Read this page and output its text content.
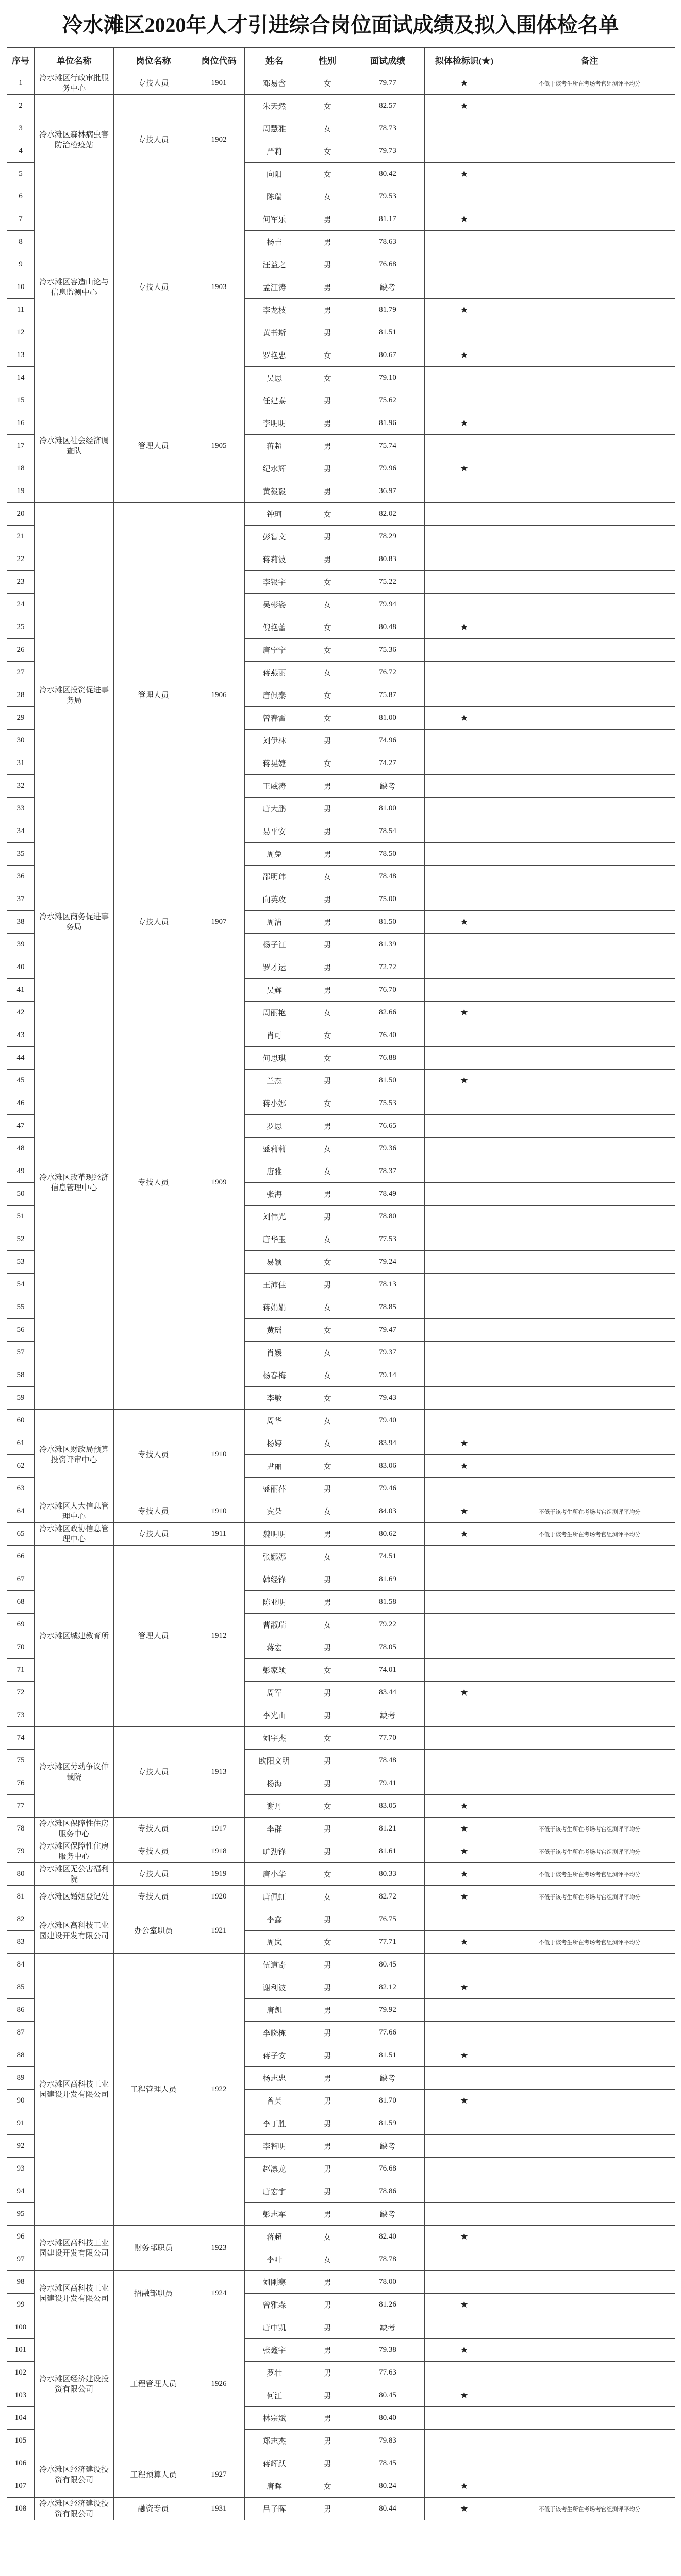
冷水滩区2020年人才引进综合岗位面试成绩及拟入围体检名单
序号	单位名称	岗位名称	岗位代码	姓名	性别	面试成绩	拟体检标识(★)	备注
1	冷水滩区行政审批服务中心	专技人员	1901	邓易含	女	79.77	★	不低于该考生所在考场考官组测评平均分
2	冷水滩区森林病虫害防治检疫站	专技人员	1902	朱天然	女	82.57	★	
3				周慧雅	女	78.73		
4				严莉	女	79.73		
5				向阳	女	80.42	★	
6	冷水滩区容造山论与信息监测中心	专技人员	1903	陈瑞	女	79.53		
7				何军乐	男	81.17	★	
8				杨吉	男	78.63		
9				汪益之	男	76.68		
10				孟江涛	男	缺考		
11				李龙枝	男	81.79	★	
12				黄书斯	男	81.51		
13				罗艳忠	女	80.67	★	
14				吴思	女	79.10		
15	冷水滩区社会经济调查队	管理人员	1905	任建泰	男	75.62		
16				李明明	男	81.96	★	
17				蒋超	男	75.74		
18				纪水辉	男	79.96	★	
19				黄毅毅	男	36.97		
20	冷水滩区投资促进事务局	管理人员	1906	钟珂	女	82.02		
21				彭智文	男	78.29		
22				蒋莉波	男	80.83		
23				李银宇	女	75.22		
24				吴彬姿	女	79.94		
25				倪艳蕾	女	80.48	★	
26				唐宁宁	女	75.36		
27				蒋燕丽	女	76.72		
28				唐佩秦	女	75.87		
29				曾春霄	女	81.00	★	
30				刘伊林	男	74.96		
31				蒋晃婕	女	74.27		
32				王威涛	男	缺考		
33				唐大鹏	男	81.00		
34				易平安	男	78.54		
35				周兔	男	78.50		
36				邵明玮	女	78.48		
37	冷水滩区商务促进事务局	专技人员	1907	向英攻	男	75.00		
38				周洁	男	81.50	★	
39				杨子江	男	81.39		
40	冷水滩区改革现经济信息管理中心	专技人员	1909	罗才运	男	72.72		
41				吴辉	男	76.70		
42				周丽艳	女	82.66	★	
43				肖可	女	76.40		
44				何思琪	女	76.88		
45				兰杰	男	81.50	★	
46				蒋小娜	女	75.53		
47				罗思	男	76.65		
48				盛莉莉	女	79.36		
49				唐雅	女	78.37		
50				张海	男	78.49		
51				刘伟光	男	78.80		
52				唐华玉	女	77.53		
53				易颖	女	79.24		
54				王沛佳	男	78.13		
55				蒋娟娟	女	78.85		
56				黄瑶	女	79.47		
57				肖媛	女	79.37		
58				杨春梅	女	79.14		
59				李敏	女	79.43		
60	冷水滩区财政局预算投资评审中心	专技人员	1910	周华	女	79.40		
61				杨婷	女	83.94	★	
62				尹丽	女	83.06	★	
63				盛丽萍	男	79.46		
64	冷水滩区人大信息管理中心	专技人员	1910	宾朵	女	84.03	★	不低于该考生所在考场考官组测评平均分
65	冷水滩区政协信息管理中心	专技人员	1911	魏明明	男	80.62	★	不低于该考生所在考场考官组测评平均分
66	冷水滩区城建教育所	管理人员	1912	张娜娜	女	74.51		
67				韩经锋	男	81.69		
68				陈亚明	男	81.58		
69				曹淑瑞	女	79.22		
70				蒋宏	男	78.05		
71				彭家颖	女	74.01		
72				周军	男	83.44	★	
73				李光山	男	缺考		
74	冷水滩区劳动争议仲裁院	专技人员	1913	刘宇杰	女	77.70		
75				欧阳文明	男	78.48		
76				杨海	男	79.41		
77				谢丹	女	83.05	★	
78	冷水滩区保障性住房服务中心	专技人员	1917	李群	男	81.21	★	不低于该考生所在考场考官组测评平均分
79	冷水滩区保障性住房服务中心	专技人员	1918	旷劲锋	男	81.61	★	不低于该考生所在考场考官组测评平均分
80	冷水滩区无公害福利院	专技人员	1919	唐小华	女	80.33	★	不低于该考生所在考场考官组测评平均分
81	冷水滩区婚姻登记处	专技人员	1920	唐佩虹	女	82.72	★	不低于该考生所在考场考官组测评平均分
82	冷水滩区高科技工业园建设开发有限公司	办公室职员	1921	李鑫	男	76.75		
83				周岚	女	77.71	★	不低于该考生所在考场考官组测评平均分
84	冷水滩区高科技工业园建设开发有限公司	工程管理人员	1922	伍道寄	男	80.45		
85				谢利波	男	82.12	★	
86				唐凯	男	79.92		
87				李晓栋	男	77.66		
88				蒋子安	男	81.51	★	
89				杨志忠	男	缺考		
90				曾英	男	81.70	★	
91				李丁胜	男	81.59		
92				李智明	男	缺考		
93				赵凛龙	男	76.68		
94				唐宏宇	男	78.86		
95				彭志军	男	缺考		
96	冷水滩区高科技工业园建设开发有限公司	财务部职员	1923	蒋超	女	82.40	★	
97				李叶	女	78.78		
98	冷水滩区高科技工业园建设开发有限公司	招融部职员	1924	刘刚寒	男	78.00		
99				曾雅森	男	81.26	★	
100	冷水滩区经济建设投资有限公司	工程管理人员	1926	唐中凯	男	缺考		
101				张鑫宇	男	79.38	★	
102				罗壮	男	77.63		
103				何江	男	80.45	★	
104				林宗斌	男	80.40		
105				郑志杰	男	79.83		
106	冷水滩区经济建设投资有限公司	工程预算人员	1927	蒋辉跃	男	78.45		
107				唐晖	女	80.24	★	
108	冷水滩区经济建设投资有限公司	融资专员	1931	吕子晖	男	80.44	★	不低于该考生所在考场考官组测评平均分
